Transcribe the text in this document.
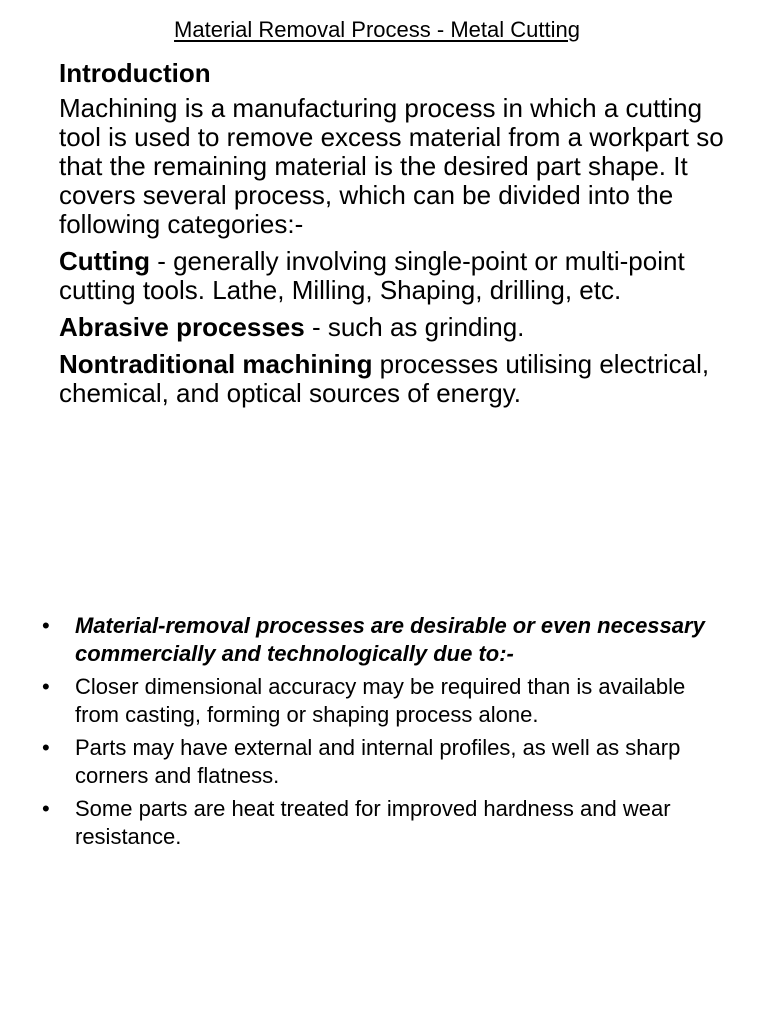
Material Removal Process - Metal Cutting
Introduction

Machining is a manufacturing process in which a cutting tool is used to remove excess material from a workpart so that the remaining material is the desired part shape. It covers several process, which can be divided into the following categories:-

Cutting - generally involving single-point or multi-point cutting tools. Lathe, Milling, Shaping, drilling, etc.

Abrasive processes - such as grinding.

Nontraditional machining processes utilising electrical, chemical, and optical sources of energy.

• Material-removal processes are desirable or even necessary commercially and technologically due to:-
• Closer dimensional accuracy may be required than is available from casting, forming or shaping process alone.
• Parts may have external and internal profiles, as well as sharp corners and flatness.
• Some parts are heat treated for improved hardness and wear resistance.
